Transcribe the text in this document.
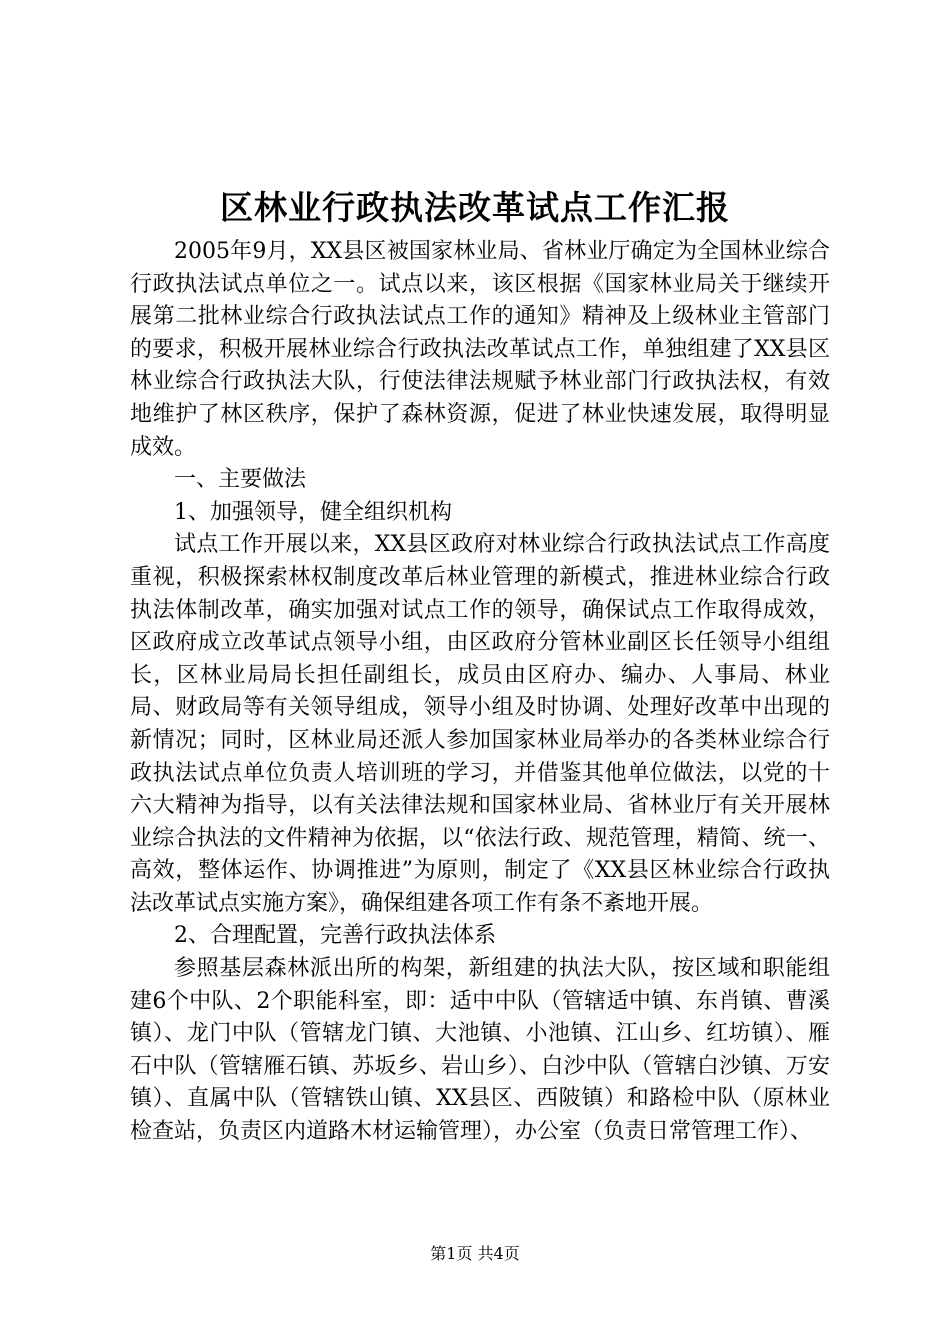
区林业行政执法改革试点工作汇报

2005年9月，XX县区被国家林业局、省林业厅确定为全国林业综合行政执法试点单位之一。试点以来，该区根据《国家林业局关于继续开展第二批林业综合行政执法试点工作的通知》精神及上级林业主管部门的要求，积极开展林业综合行政执法改革试点工作，单独组建了XX县区林业综合行政执法大队，行使法律法规赋予林业部门行政执法权，有效地维护了林区秩序，保护了森林资源，促进了林业快速发展，取得明显成效。

一、主要做法

1、加强领导，健全组织机构

试点工作开展以来，XX县区政府对林业综合行政执法试点工作高度重视，积极探索林权制度改革后林业管理的新模式，推进林业综合行政执法体制改革，确实加强对试点工作的领导，确保试点工作取得成效，区政府成立改革试点领导小组，由区政府分管林业副区长任领导小组组长，区林业局局长担任副组长，成员由区府办、编办、人事局、林业局、财政局等有关领导组成，领导小组及时协调、处理好改革中出现的新情况；同时，区林业局还派人参加国家林业局举办的各类林业综合行政执法试点单位负责人培训班的学习，并借鉴其他单位做法，以党的十六大精神为指导，以有关法律法规和国家林业局、省林业厅有关开展林业综合执法的文件精神为依据，以“依法行政、规范管理，精简、统一、高效，整体运作、协调推进”为原则，制定了《XX县区林业综合行政执法改革试点实施方案》，确保组建各项工作有条不紊地开展。

2、合理配置，完善行政执法体系

参照基层森林派出所的构架，新组建的执法大队，按区域和职能组建6个中队、2个职能科室，即：适中中队（管辖适中镇、东肖镇、曹溪镇）、龙门中队（管辖龙门镇、大池镇、小池镇、江山乡、红坊镇）、雁石中队（管辖雁石镇、苏坂乡、岩山乡）、白沙中队（管辖白沙镇、万安镇）、直属中队（管辖铁山镇、XX县区、西陂镇）和路检中队（原林业检查站，负责区内道路木材运输管理），办公室（负责日常管理工作）、

第1页 共4页
